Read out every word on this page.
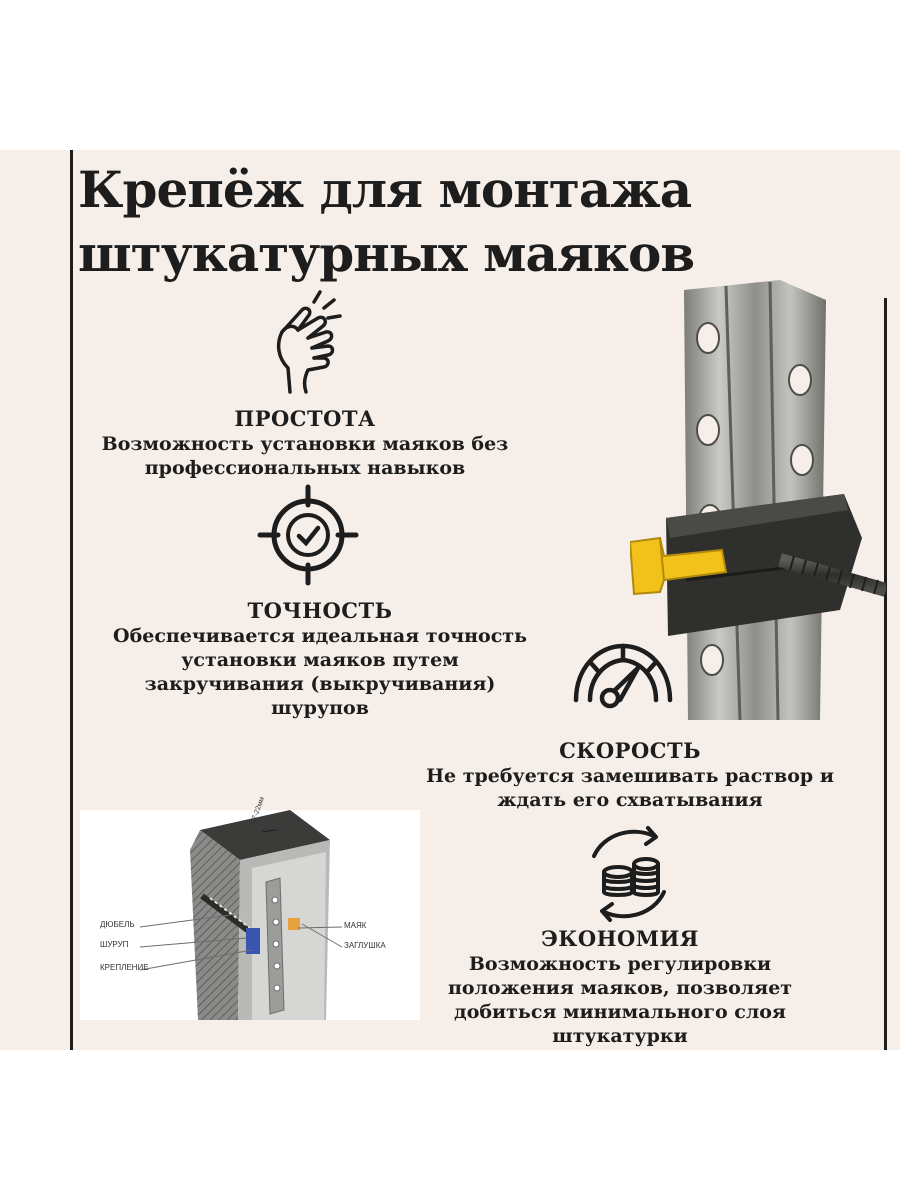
Крепёж для монтажа
штукатурных маяков
ПРОСТОТА
Возможность установки маяков без
профессиональных навыков
ТОЧНОСТЬ
Обеспечивается идеальная точность
установки маяков путем
закручивания (выкручивания)
шурупов
СКОРОСТЬ
Не требуется замешивать раствор и
ждать его схватывания
ЭКОНОМИЯ
Возможность регулировки
положения маяков, позволяет
добиться минимального слоя
штукатурки
ДЮБЕЛЬ
ШУРУП
КРЕПЛЕНИЕ
МАЯК
ЗАГЛУШКА
17-22мм
